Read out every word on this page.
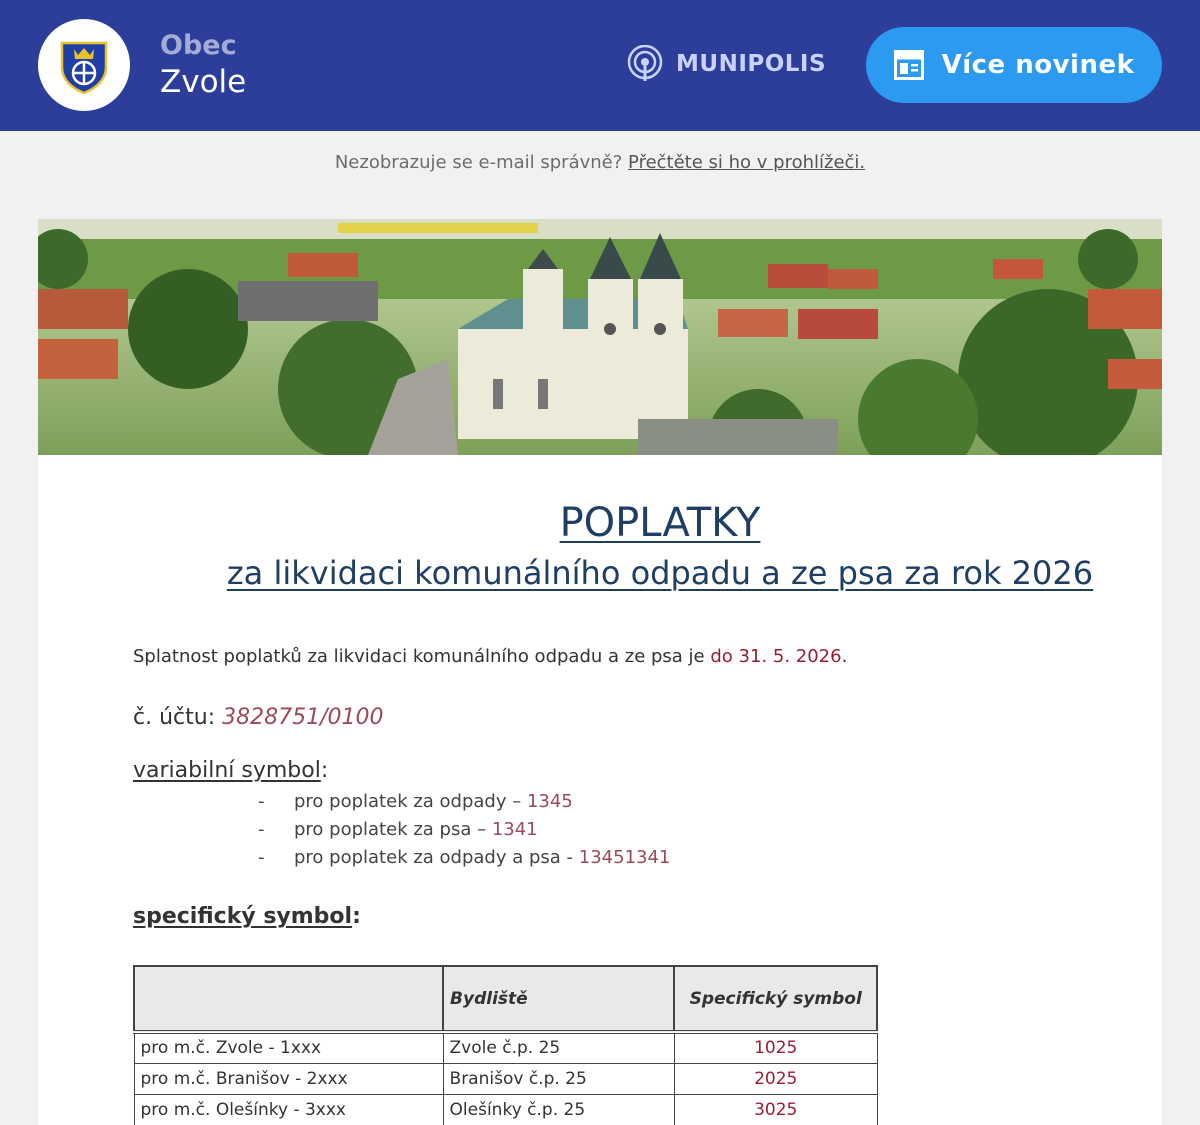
Obec
Zvole	MUNIPOLIS	Více novinek
Nezobrazuje se e-mail správně? Přečtěte si ho v prohlížeči.
POPLATKY
za likvidaci komunálního odpadu a ze psa za rok 2026
Splatnost poplatků za likvidaci komunálního odpadu a ze psa je do 31. 5. 2026.
č. účtu: 3828751/0100
variabilní symbol:
- pro poplatek za odpady – 1345
- pro poplatek za psa – 1341
- pro poplatek za odpady a psa - 13451341
specifický symbol:
	Bydliště	Specifický symbol
pro m.č. Zvole - 1xxx	Zvole č.p. 25	1025
pro m.č. Branišov - 2xxx	Branišov č.p. 25	2025
pro m.č. Olešínky - 3xxx	Olešínky č.p. 25	3025
